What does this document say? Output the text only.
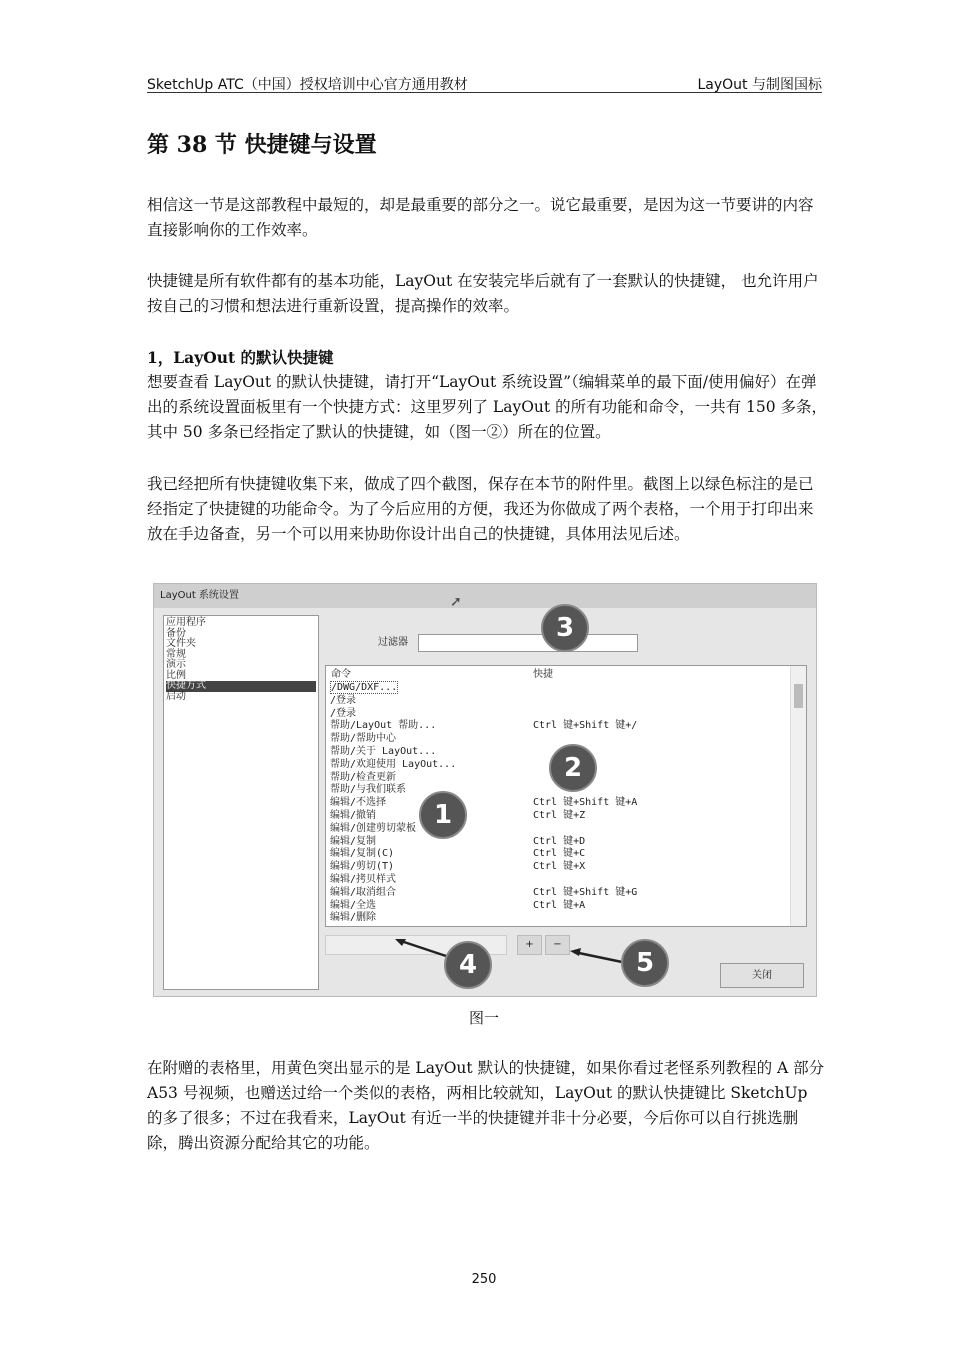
SketchUp ATC（中国）授权培训中心官方通用教材	LayOut 与制图国标
第 38 节 快捷键与设置
相信这一节是这部教程中最短的，却是最重要的部分之一。说它最重要，是因为这一节要讲的内容直接影响你的工作效率。
快捷键是所有软件都有的基本功能，LayOut 在安装完毕后就有了一套默认的快捷键， 也允许用户按自己的习惯和想法进行重新设置，提高操作的效率。
1，LayOut 的默认快捷键
想要查看 LayOut 的默认快捷键，请打开“LayOut 系统设置”（编辑菜单的最下面/使用偏好）在弹出的系统设置面板里有一个快捷方式：这里罗列了 LayOut 的所有功能和命令，一共有 150 多条，其中 50 多条已经指定了默认的快捷键，如（图一②）所在的位置。
我已经把所有快捷键收集下来，做成了四个截图，保存在本节的附件里。截图上以绿色标注的是已经指定了快捷键的功能命令。为了今后应用的方便，我还为你做成了两个表格，一个用于打印出来放在手边备查，另一个可以用来协助你设计出自己的快捷键，具体用法见后述。
LayOut 系统设置	➚
应用程序
备份
文件夹
常规
演示
比例
快捷方式
启动
过滤器
命令	快捷
/DWG/DXF...
/登录
/登录
帮助/LayOut 帮助...	Ctrl 键+Shift 键+/
帮助/帮助中心
帮助/关于 LayOut...
帮助/欢迎使用 LayOut...
帮助/检查更新
帮助/与我们联系
编辑/不选择	Ctrl 键+Shift 键+A
编辑/撤销	Ctrl 键+Z
编辑/创建剪切蒙板
编辑/复制	Ctrl 键+D
编辑/复制(C)	Ctrl 键+C
编辑/剪切(T)	Ctrl 键+X
编辑/拷贝样式
编辑/取消组合	Ctrl 键+Shift 键+G
编辑/全选	Ctrl 键+A
编辑/删除
+	−
关闭
1
2
3
4	5
图一
在附赠的表格里，用黄色突出显示的是 LayOut 默认的快捷键，如果你看过老怪系列教程的 A 部分 A53 号视频，也赠送过给一个类似的表格，两相比较就知，LayOut 的默认快捷键比 SketchUp 的多了很多；不过在我看来，LayOut 有近一半的快捷键并非十分必要，今后你可以自行挑选删除，腾出资源分配给其它的功能。
250
